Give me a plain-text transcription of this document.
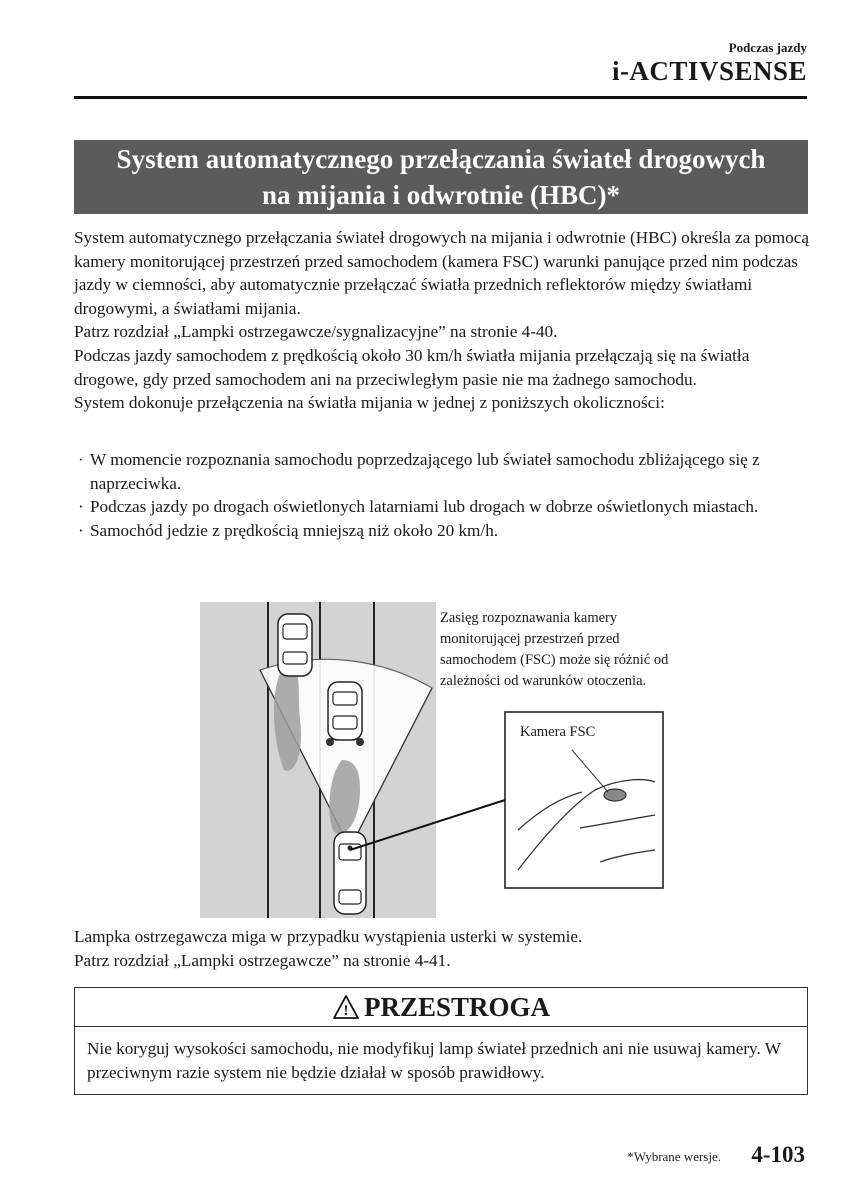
Podczas jazdy
i-ACTIVSENSE
System automatycznego przełączania świateł drogowych
na mijania i odwrotnie (HBC)*

System automatycznego przełączania świateł drogowych na mijania i odwrotnie (HBC) określa za pomocą kamery monitorującej przestrzeń przed samochodem (kamera FSC) warunki panujące przed nim podczas jazdy w ciemności, aby automatycznie przełączać światła przednich reflektorów między światłami drogowymi, a światłami mijania.

Patrz rozdział „Lampki ostrzegawcze/sygnalizacyjne” na stronie 4-40.

Podczas jazdy samochodem z prędkością około 30 km/h światła mijania przełączają się na światła drogowe, gdy przed samochodem ani na przeciwległym pasie nie ma żadnego samochodu.

System dokonuje przełączenia na światła mijania w jednej z poniższych okoliczności:

· W momencie rozpoznania samochodu poprzedzającego lub świateł samochodu zbliżającego się z naprzeciwka.
· Podczas jazdy po drogach oświetlonych latarniami lub drogach w dobrze oświetlonych miastach.
· Samochód jedzie z prędkością mniejszą niż około 20 km/h.
Zasięg rozpoznawania kamery monitorującej przestrzeń przed samochodem (FSC) może się różnić od zależności od warunków otoczenia.
Kamera FSC

Lampka ostrzegawcza miga w przypadku wystąpienia usterki w systemie.

Patrz rozdział „Lampki ostrzegawcze” na stronie 4-41.

! PRZESTROGA
Nie koryguj wysokości samochodu, nie modyfikuj lamp świateł przednich ani nie usuwaj kamery. W przeciwnym razie system nie będzie działał w sposób prawidłowy.
*Wybrane wersje. 4-103
